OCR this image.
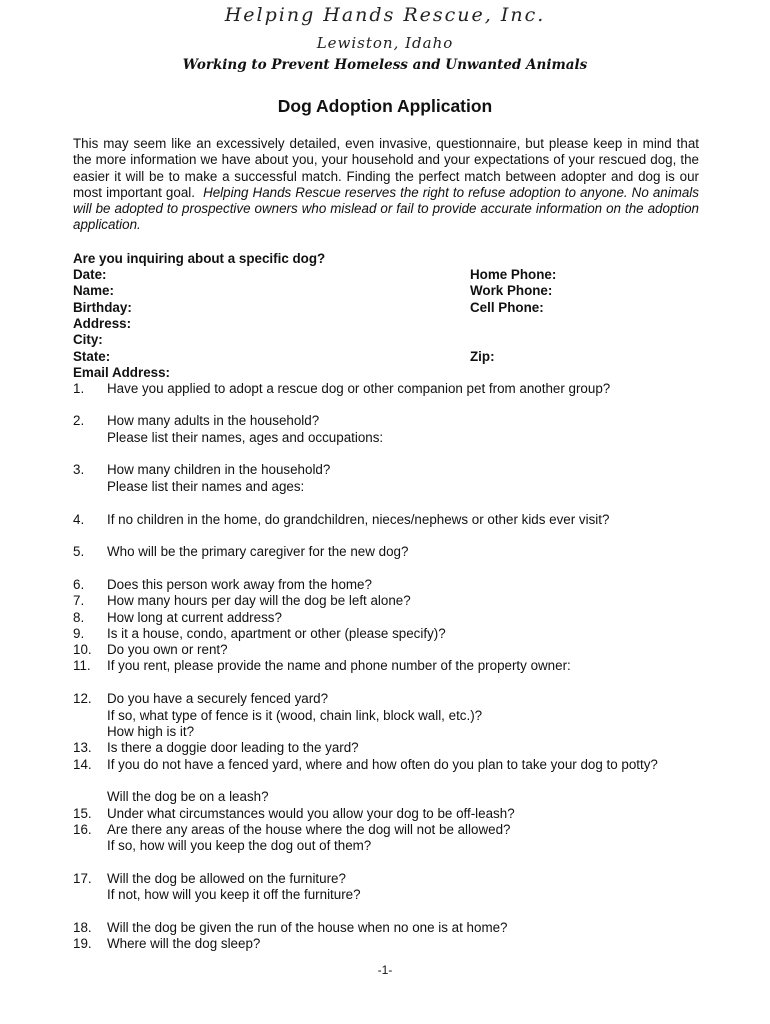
Helping Hands Rescue, Inc.
Lewiston, Idaho
Working to Prevent Homeless and Unwanted Animals
Dog Adoption Application
This may seem like an excessively detailed, even invasive, questionnaire, but please keep in mind that the more information we have about you, your household and your expectations of your rescued dog, the easier it will be to make a successful match. Finding the perfect match between adopter and dog is our most important goal. Helping Hands Rescue reserves the right to refuse adoption to anyone. No animals will be adopted to prospective owners who mislead or fail to provide accurate information on the adoption application.
Are you inquiring about a specific dog?
Date:	Home Phone:
Name:	Work Phone:
Birthday:	Cell Phone:
Address:
City:
State:	Zip:
Email Address:
1. Have you applied to adopt a rescue dog or other companion pet from another group?
2. How many adults in the household?
Please list their names, ages and occupations:
3. How many children in the household?
Please list their names and ages:
4. If no children in the home, do grandchildren, nieces/nephews or other kids ever visit?
5. Who will be the primary caregiver for the new dog?
6. Does this person work away from the home?
7. How many hours per day will the dog be left alone?
8. How long at current address?
9. Is it a house, condo, apartment or other (please specify)?
10. Do you own or rent?
11. If you rent, please provide the name and phone number of the property owner:
12. Do you have a securely fenced yard?
If so, what type of fence is it (wood, chain link, block wall, etc.)?
How high is it?
13. Is there a doggie door leading to the yard?
14. If you do not have a fenced yard, where and how often do you plan to take your dog to potty?
Will the dog be on a leash?
15. Under what circumstances would you allow your dog to be off-leash?
16. Are there any areas of the house where the dog will not be allowed?
If so, how will you keep the dog out of them?
17. Will the dog be allowed on the furniture?
If not, how will you keep it off the furniture?
18. Will the dog be given the run of the house when no one is at home?
19. Where will the dog sleep?
-1-
